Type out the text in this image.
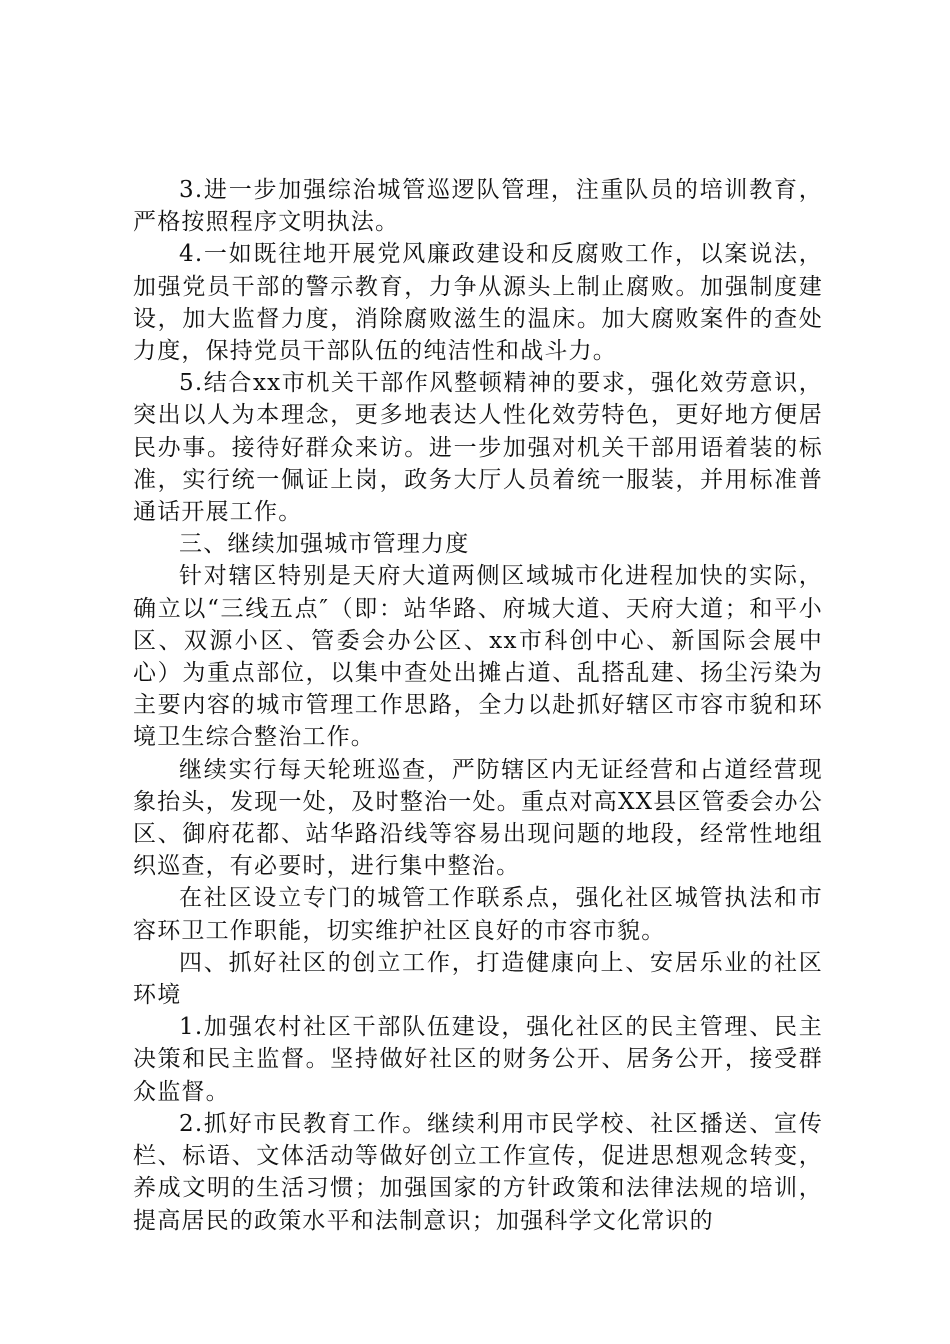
3.进一步加强综治城管巡逻队管理，注重队员的培训教育，严格按照程序文明执法。

4.一如既往地开展党风廉政建设和反腐败工作，以案说法，加强党员干部的警示教育，力争从源头上制止腐败。加强制度建设，加大监督力度，消除腐败滋生的温床。加大腐败案件的查处力度，保持党员干部队伍的纯洁性和战斗力。

5.结合xx市机关干部作风整顿精神的要求，强化效劳意识，突出以人为本理念，更多地表达人性化效劳特色，更好地方便居民办事。接待好群众来访。进一步加强对机关干部用语着装的标准，实行统一佩证上岗，政务大厅人员着统一服装，并用标准普通话开展工作。

三、继续加强城市管理力度

针对辖区特别是天府大道两侧区域城市化进程加快的实际，确立以“三线五点″（即：站华路、府城大道、天府大道；和平小区、双源小区、管委会办公区、xx市科创中心、新国际会展中心）为重点部位，以集中查处出摊占道、乱搭乱建、扬尘污染为主要内容的城市管理工作思路，全力以赴抓好辖区市容市貌和环境卫生综合整治工作。

继续实行每天轮班巡查，严防辖区内无证经营和占道经营现象抬头，发现一处，及时整治一处。重点对高XX县区管委会办公区、御府花都、站华路沿线等容易出现问题的地段，经常性地组织巡查，有必要时，进行集中整治。

在社区设立专门的城管工作联系点，强化社区城管执法和市容环卫工作职能，切实维护社区良好的市容市貌。

四、抓好社区的创立工作，打造健康向上、安居乐业的社区环境

1.加强农村社区干部队伍建设，强化社区的民主管理、民主决策和民主监督。坚持做好社区的财务公开、居务公开，接受群众监督。

2.抓好市民教育工作。继续利用市民学校、社区播送、宣传栏、标语、文体活动等做好创立工作宣传，促进思想观念转变，养成文明的生活习惯；加强国家的方针政策和法律法规的培训，提高居民的政策水平和法制意识；加强科学文化常识的
